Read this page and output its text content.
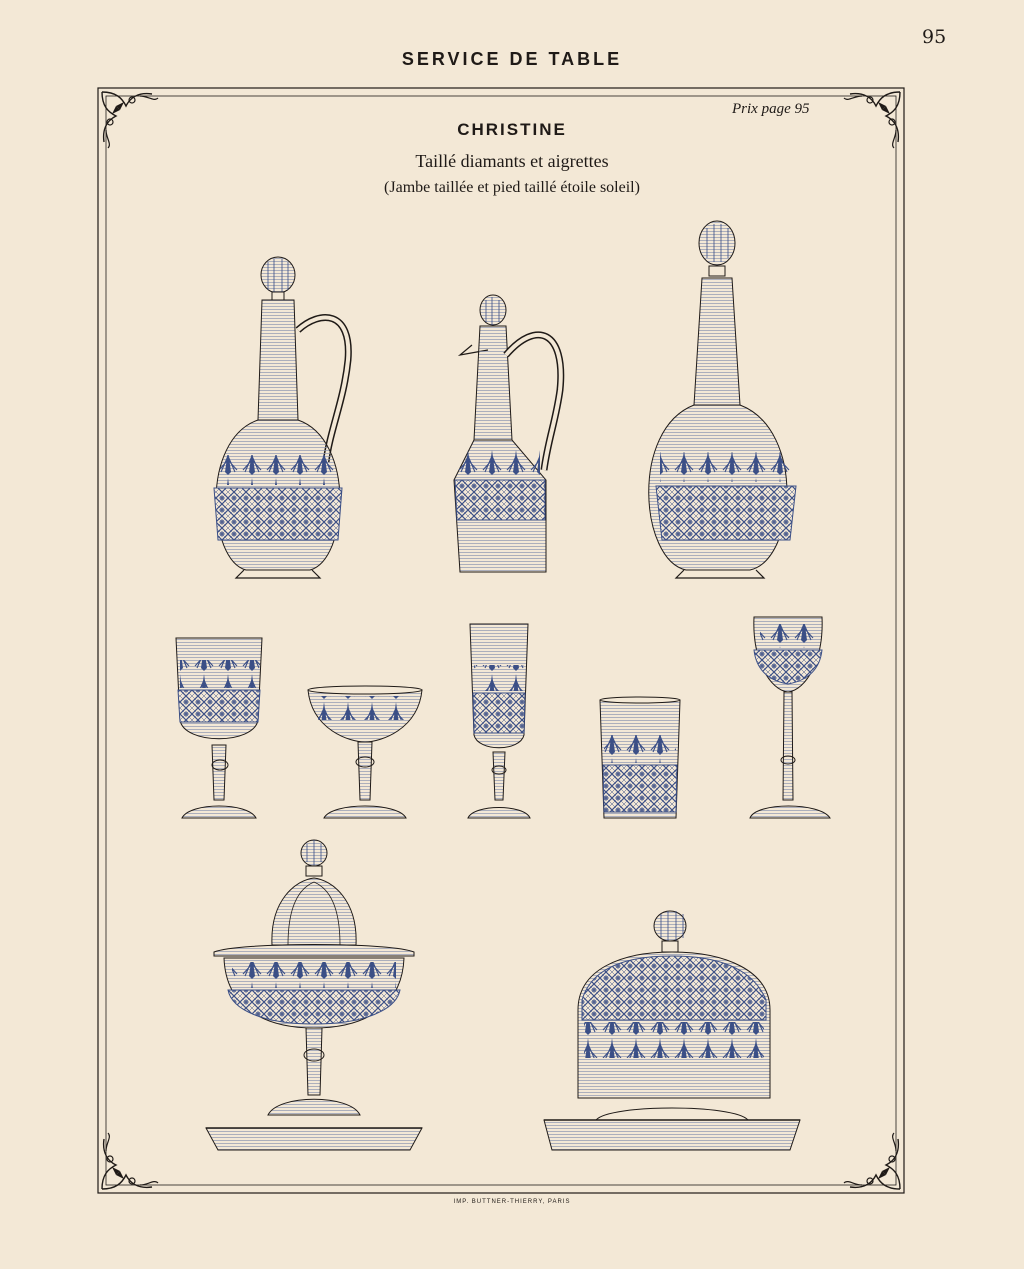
95
SERVICE DE TABLE
Prix page 95
CHRISTINE
Taillé diamants et aigrettes
(Jambe taillée et pied taillé étoile soleil)
IMP. BUTTNER-THIERRY, PARIS
